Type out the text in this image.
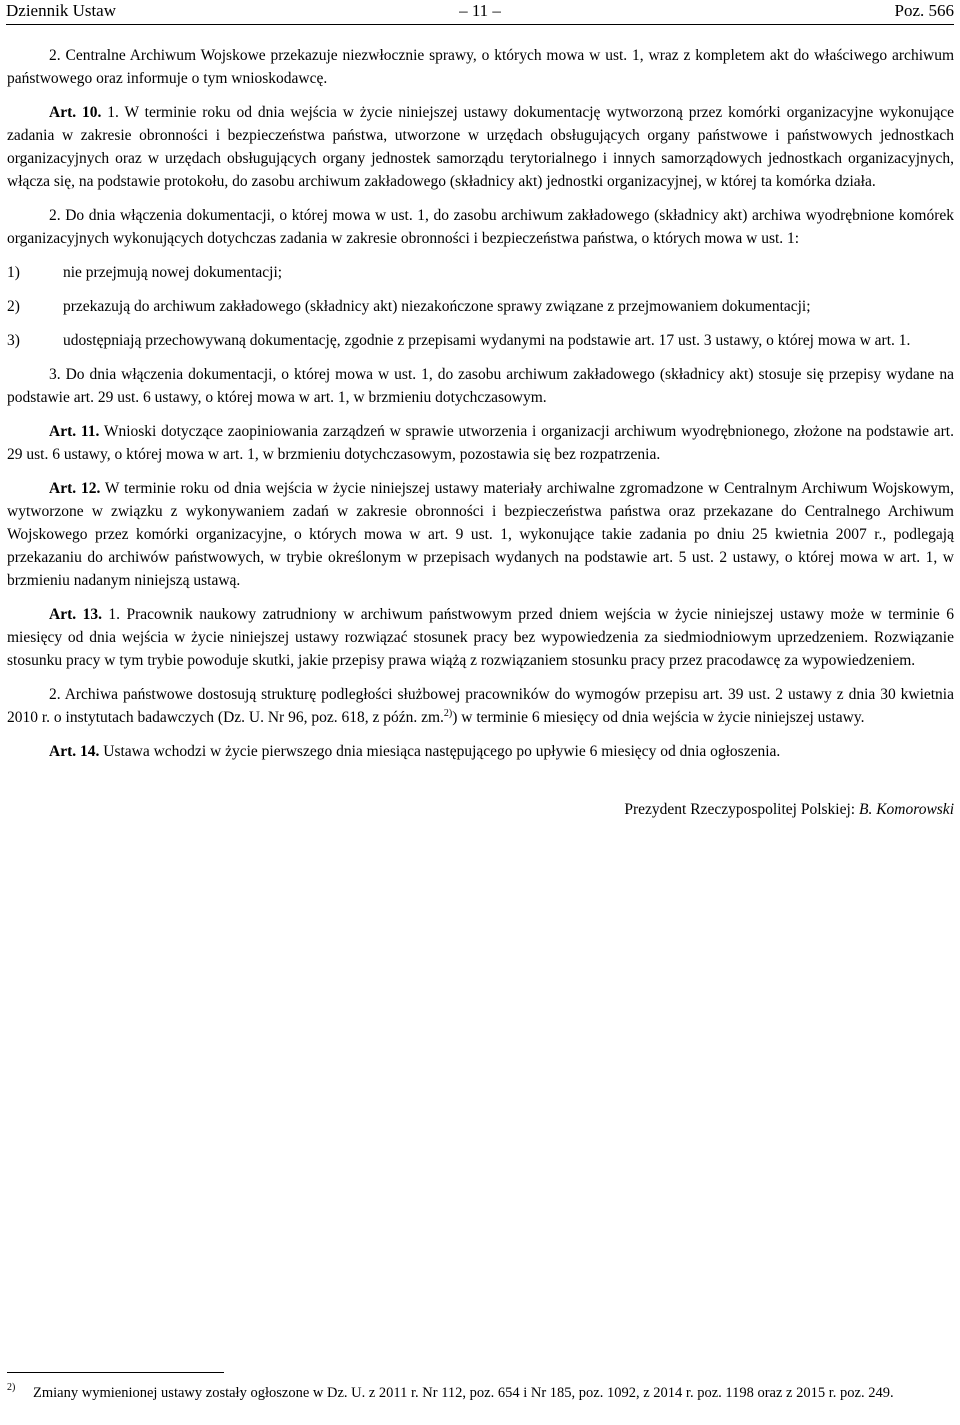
Dziennik Ustaw	– 11 –	Poz. 566

2. Centralne Archiwum Wojskowe przekazuje niezwłocznie sprawy, o których mowa w ust. 1, wraz z kompletem akt do właściwego archiwum państwowego oraz informuje o tym wnioskodawcę.

Art. 10. 1. W terminie roku od dnia wejścia w życie niniejszej ustawy dokumentację wytworzoną przez komórki organizacyjne wykonujące zadania w zakresie obronności i bezpieczeństwa państwa, utworzone w urzędach obsługujących organy państwowe i państwowych jednostkach organizacyjnych oraz w urzędach obsługujących organy jednostek samorządu terytorialnego i innych samorządowych jednostkach organizacyjnych, włącza się, na podstawie protokołu, do zasobu archiwum zakładowego (składnicy akt) jednostki organizacyjnej, w której ta komórka działa.

2. Do dnia włączenia dokumentacji, o której mowa w ust. 1, do zasobu archiwum zakładowego (składnicy akt) archiwa wyodrębnione komórek organizacyjnych wykonujących dotychczas zadania w zakresie obronności i bezpieczeństwa państwa, o których mowa w ust. 1:

1)	nie przejmują nowej dokumentacji;
2)	przekazują do archiwum zakładowego (składnicy akt) niezakończone sprawy związane z przejmowaniem dokumentacji;
3)	udostępniają przechowywaną dokumentację, zgodnie z przepisami wydanymi na podstawie art. 17 ust. 3 ustawy, o której mowa w art. 1.

3. Do dnia włączenia dokumentacji, o której mowa w ust. 1, do zasobu archiwum zakładowego (składnicy akt) stosuje się przepisy wydane na podstawie art. 29 ust. 6 ustawy, o której mowa w art. 1, w brzmieniu dotychczasowym.

Art. 11. Wnioski dotyczące zaopiniowania zarządzeń w sprawie utworzenia i organizacji archiwum wyodrębnionego, złożone na podstawie art. 29 ust. 6 ustawy, o której mowa w art. 1, w brzmieniu dotychczasowym, pozostawia się bez rozpatrzenia.

Art. 12. W terminie roku od dnia wejścia w życie niniejszej ustawy materiały archiwalne zgromadzone w Centralnym Archiwum Wojskowym, wytworzone w związku z wykonywaniem zadań w zakresie obronności i bezpieczeństwa państwa oraz przekazane do Centralnego Archiwum Wojskowego przez komórki organizacyjne, o których mowa w art. 9 ust. 1, wykonujące takie zadania po dniu 25 kwietnia 2007 r., podlegają przekazaniu do archiwów państwowych, w trybie określonym w przepisach wydanych na podstawie art. 5 ust. 2 ustawy, o której mowa w art. 1, w brzmieniu nadanym niniejszą ustawą.

Art. 13. 1. Pracownik naukowy zatrudniony w archiwum państwowym przed dniem wejścia w życie niniejszej ustawy może w terminie 6 miesięcy od dnia wejścia w życie niniejszej ustawy rozwiązać stosunek pracy bez wypowiedzenia za siedmiodniowym uprzedzeniem. Rozwiązanie stosunku pracy w tym trybie powoduje skutki, jakie przepisy prawa wiążą z rozwiązaniem stosunku pracy przez pracodawcę za wypowiedzeniem.

2. Archiwa państwowe dostosują strukturę podległości służbowej pracowników do wymogów przepisu art. 39 ust. 2 ustawy z dnia 30 kwietnia 2010 r. o instytutach badawczych (Dz. U. Nr 96, poz. 618, z późn. zm.$^{2)}$) w terminie 6 miesięcy od dnia wejścia w życie niniejszej ustawy.

Art. 14. Ustawa wchodzi w życie pierwszego dnia miesiąca następującego po upływie 6 miesięcy od dnia ogłoszenia.

Prezydent Rzeczypospolitej Polskiej: B. Komorowski

2)	Zmiany wymienionej ustawy zostały ogłoszone w Dz. U. z 2011 r. Nr 112, poz. 654 i Nr 185, poz. 1092, z 2014 r. poz. 1198 oraz z 2015 r. poz. 249.
